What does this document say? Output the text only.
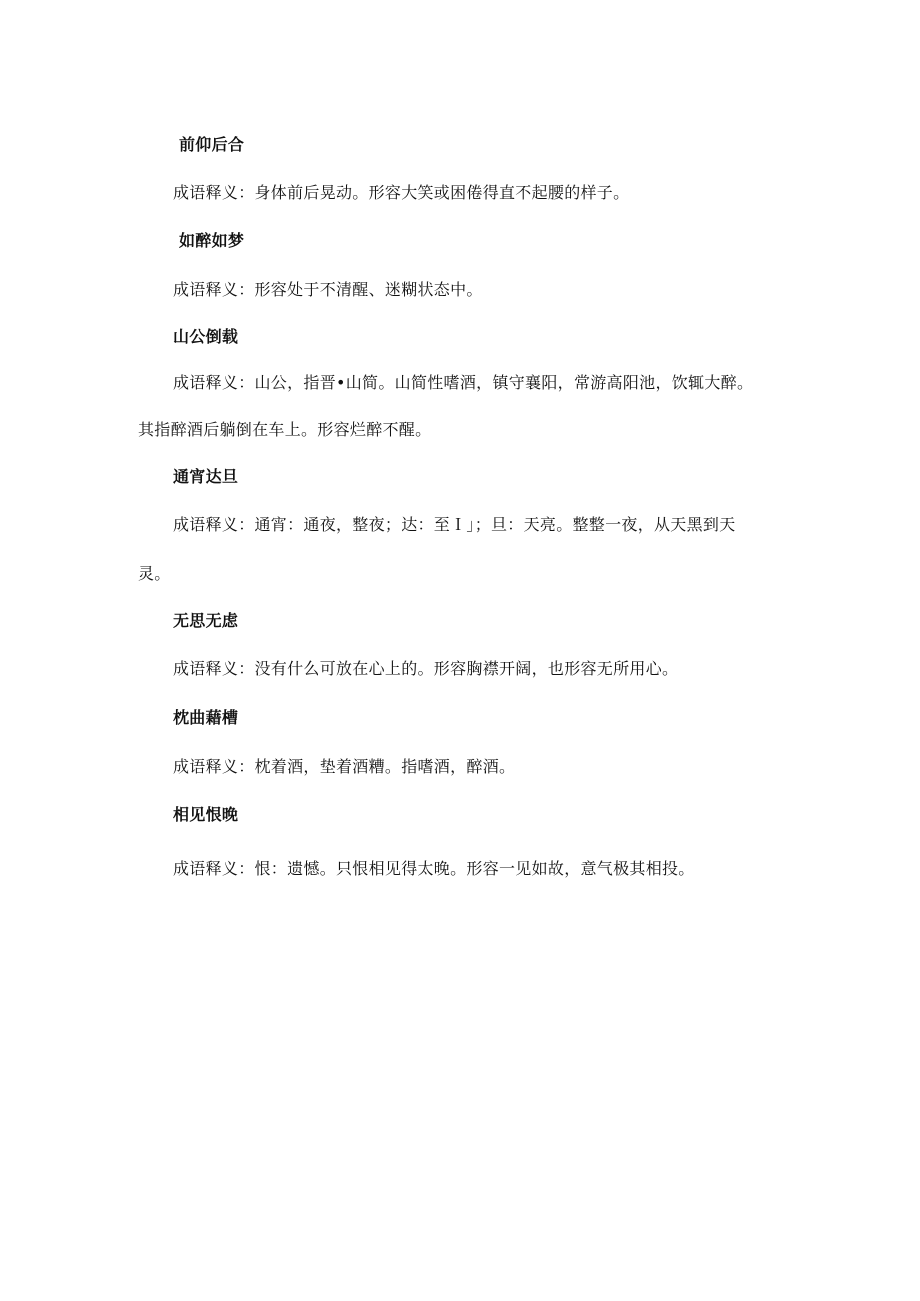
前仰后合
成语释义：身体前后晃动。形容大笑或困倦得直不起腰的样子。
如醉如梦
成语释义：形容处于不清醒、迷糊状态中。
山公倒载
成语释义：山公，指晋•山简。山简性嗜酒，镇守襄阳，常游高阳池，饮辄大醉。
其指醉酒后躺倒在车上。形容烂醉不醒。
通宵达旦
成语释义：通宵：通夜，整夜；达：至Ｉ」；旦：天亮。整整一夜，从天黑到天
灵。
无思无虑
成语释义：没有什么可放在心上的。形容胸襟开阔，也形容无所用心。
枕曲藉槽
成语释义：枕着酒，垫着酒糟。指嗜酒，醉酒。
相见恨晚
成语释义：恨：遗憾。只恨相见得太晚。形容一见如故，意气极其相投。
